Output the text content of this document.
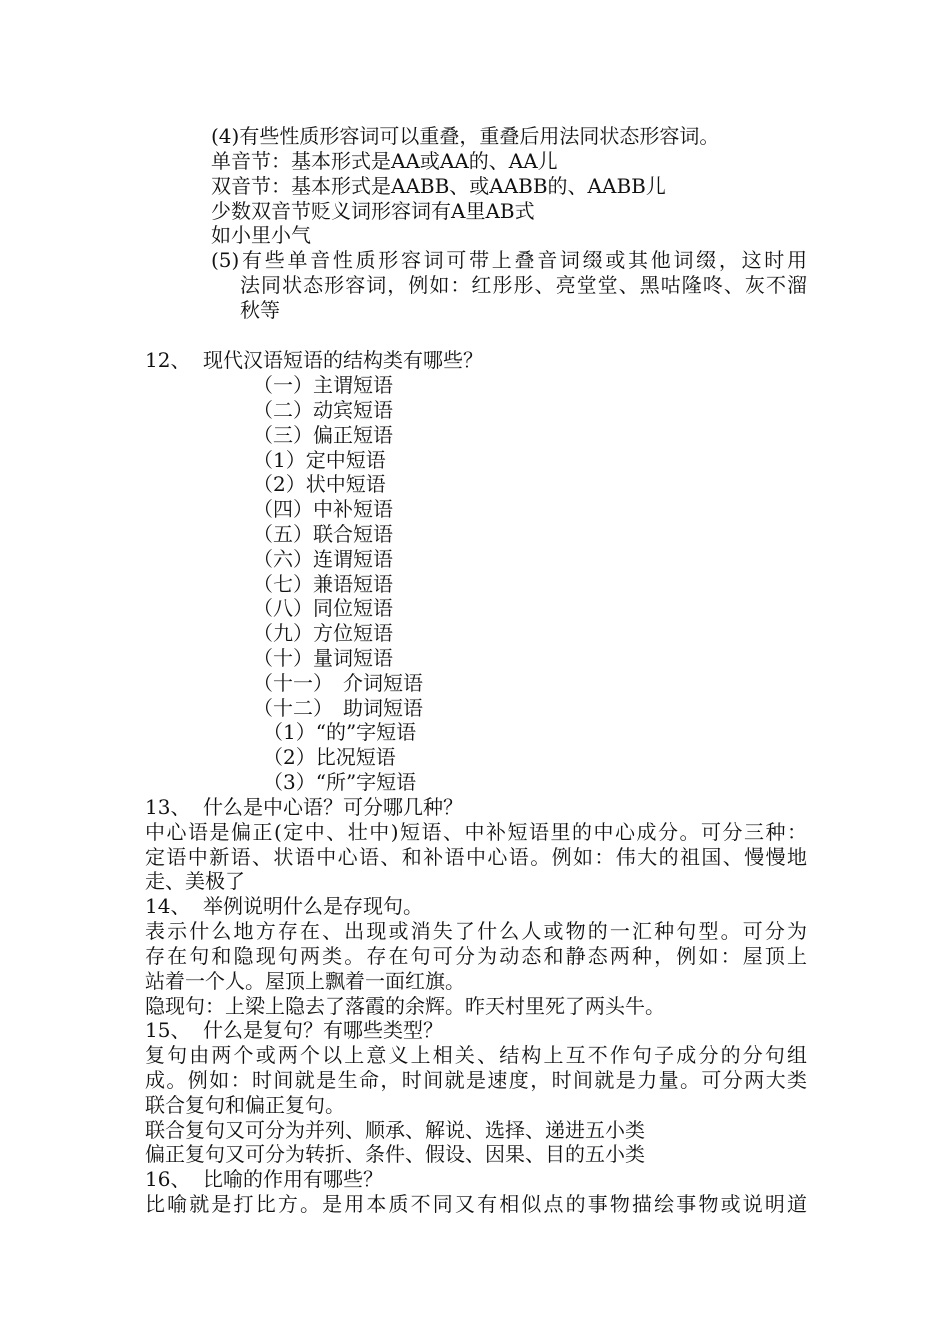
(4)有些性质形容词可以重叠，重叠后用法同状态形容词。
单音节：基本形式是AA或AA的、AA儿
双音节：基本形式是AABB、或AABB的、AABB儿
少数双音节贬义词形容词有A里AB式
如小里小气
(5)有些单音性质形容词可带上叠音词缀或其他词缀，这时用
法同状态形容词，例如：红彤彤、亮堂堂、黑咕隆咚、灰不溜
秋等
12、 现代汉语短语的结构类有哪些？
（一）主谓短语
（二）动宾短语
（三）偏正短语
（1）定中短语
（2）状中短语
（四）中补短语
（五）联合短语
（六）连谓短语
（七）兼语短语
（八）同位短语
（九）方位短语
（十）量词短语
（十一）　介词短语
（十二）　助词短语
（1）“的”字短语
（2）比况短语
（3）“所”字短语
13、 什么是中心语？可分哪几种？
中心语是偏正(定中、壮中)短语、中补短语里的中心成分。可分三种：
定语中新语、状语中心语、和补语中心语。例如：伟大的祖国、慢慢地
走、美极了
14、 举例说明什么是存现句。
表示什么地方存在、出现或消失了什么人或物的一汇种句型。可分为
存在句和隐现句两类。存在句可分为动态和静态两种，例如：屋顶上
站着一个人。屋顶上飘着一面红旗。
隐现句：上梁上隐去了落霞的余辉。昨天村里死了两头牛。
15、 什么是复句？有哪些类型？
复句由两个或两个以上意义上相关、结构上互不作句子成分的分句组
成。例如：时间就是生命，时间就是速度，时间就是力量。可分两大类
联合复句和偏正复句。
联合复句又可分为并列、顺承、解说、选择、递进五小类
偏正复句又可分为转折、条件、假设、因果、目的五小类
16、 比喻的作用有哪些？
比喻就是打比方。是用本质不同又有相似点的事物描绘事物或说明道
